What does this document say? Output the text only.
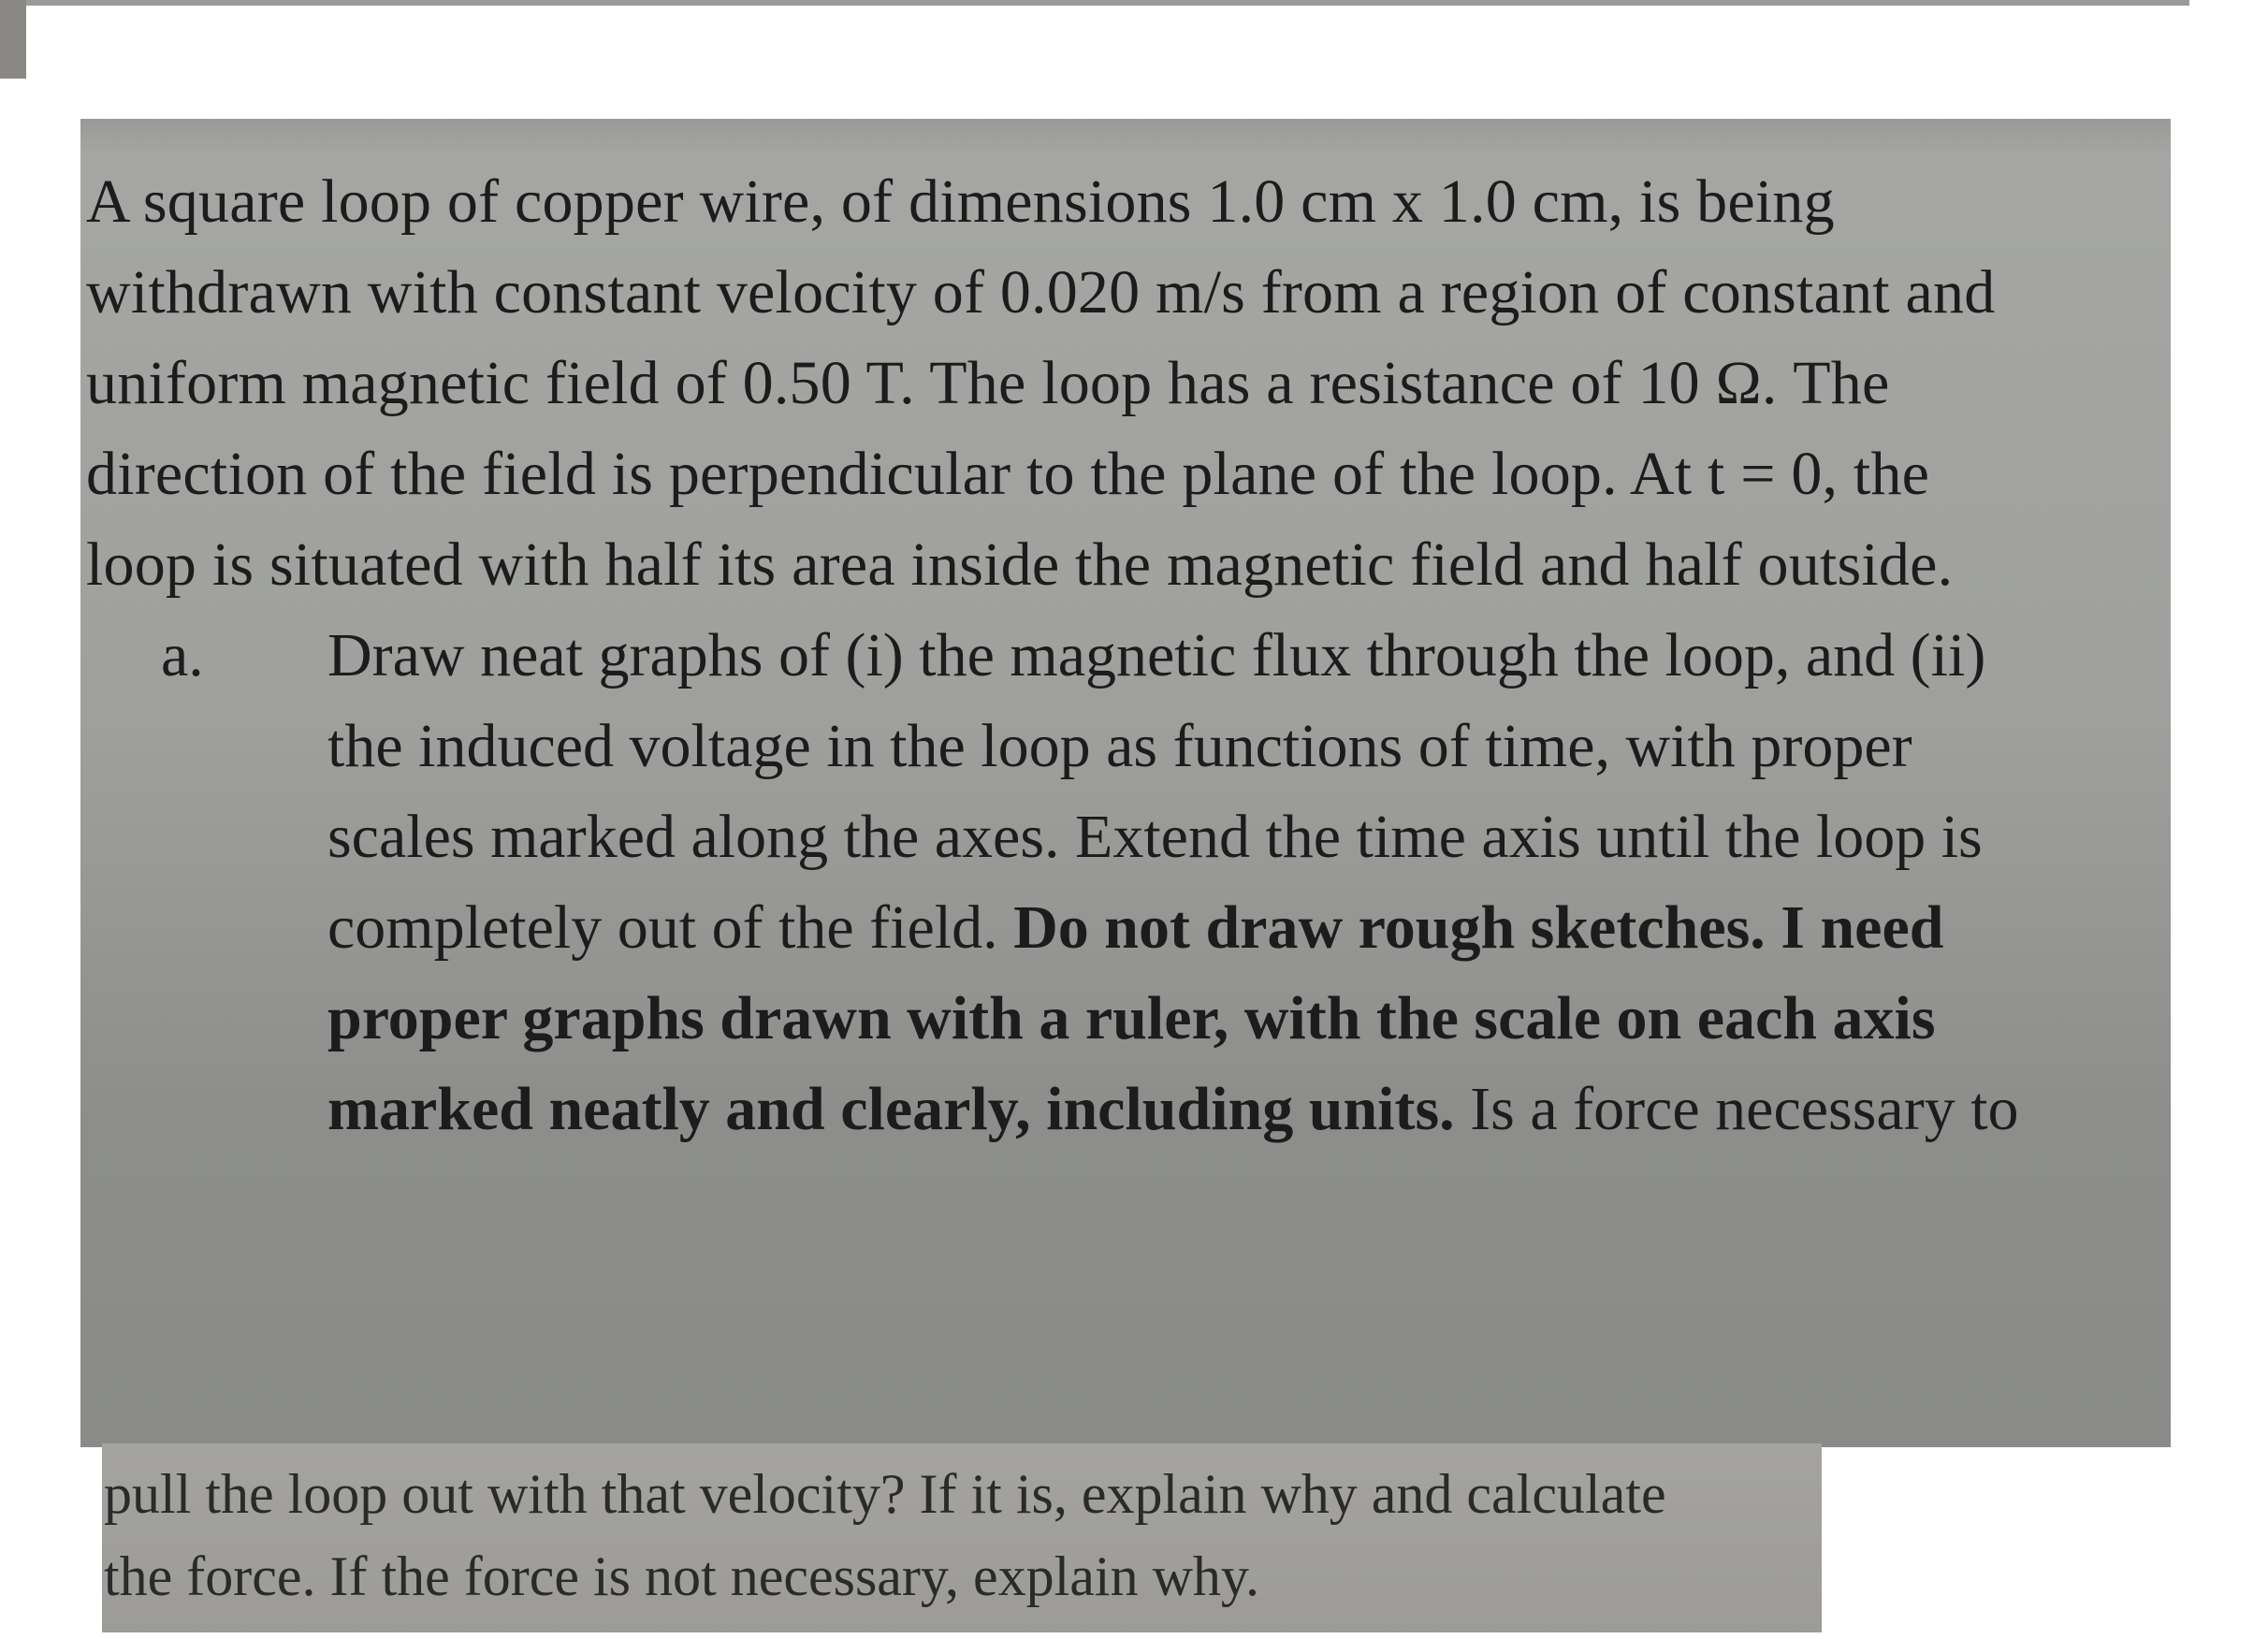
A square loop of copper wire, of dimensions 1.0 cm x 1.0 cm, is being
withdrawn with constant velocity of 0.020 m/s from a region of constant and
uniform magnetic field of 0.50 T. The loop has a resistance of 10 Ω. The
direction of the field is perpendicular to the plane of the loop. At t = 0, the
loop is situated with half its area inside the magnetic field and half outside.

a.	Draw neat graphs of (i) the magnetic flux through the loop, and (ii)
the induced voltage in the loop as functions of time, with proper
scales marked along the axes. Extend the time axis until the loop is
completely out of the field. Do not draw rough sketches. I need
proper graphs drawn with a ruler, with the scale on each axis
marked neatly and clearly, including units. Is a force necessary to

pull the loop out with that velocity? If it is, explain why and calculate
the force. If the force is not necessary, explain why.
